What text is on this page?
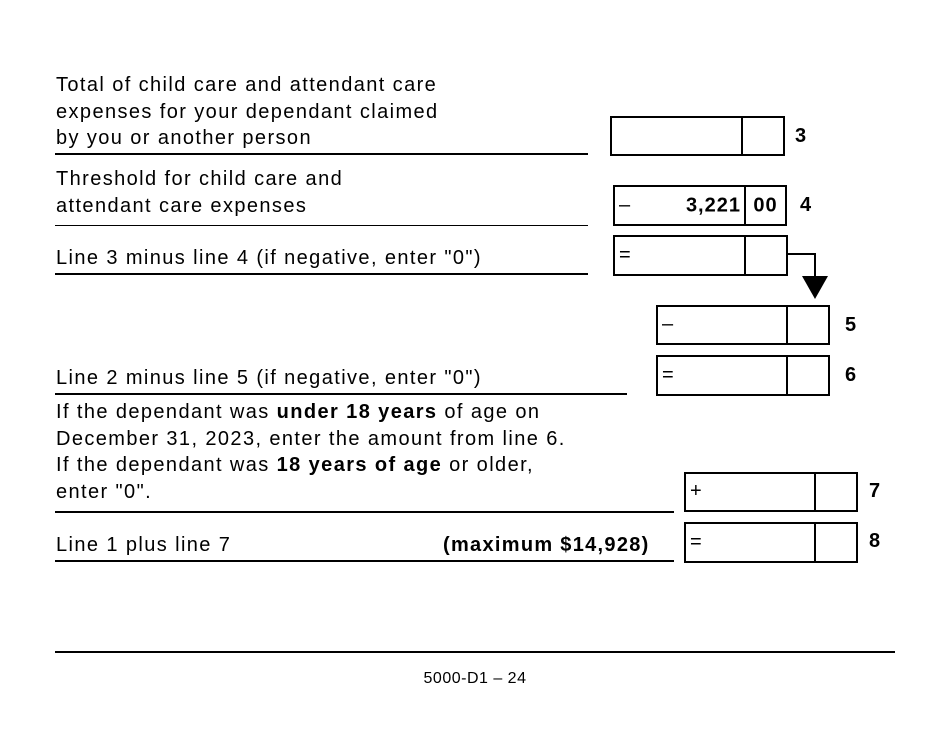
Total of child care and attendant care
expenses for your dependant claimed
by you or another person	3
Threshold for child care and
attendant care expenses	–	3,221 00	4
Line 3 minus line 4 (if negative, enter "0")	=
–	5
Line 2 minus line 5 (if negative, enter "0")	=	6
If the dependant was under 18 years of age on
December 31, 2023, enter the amount from line 6.
If the dependant was 18 years of age or older,
enter "0".	+	7
Line 1 plus line 7	(maximum $14,928) =	8
5000-D1 – 24
